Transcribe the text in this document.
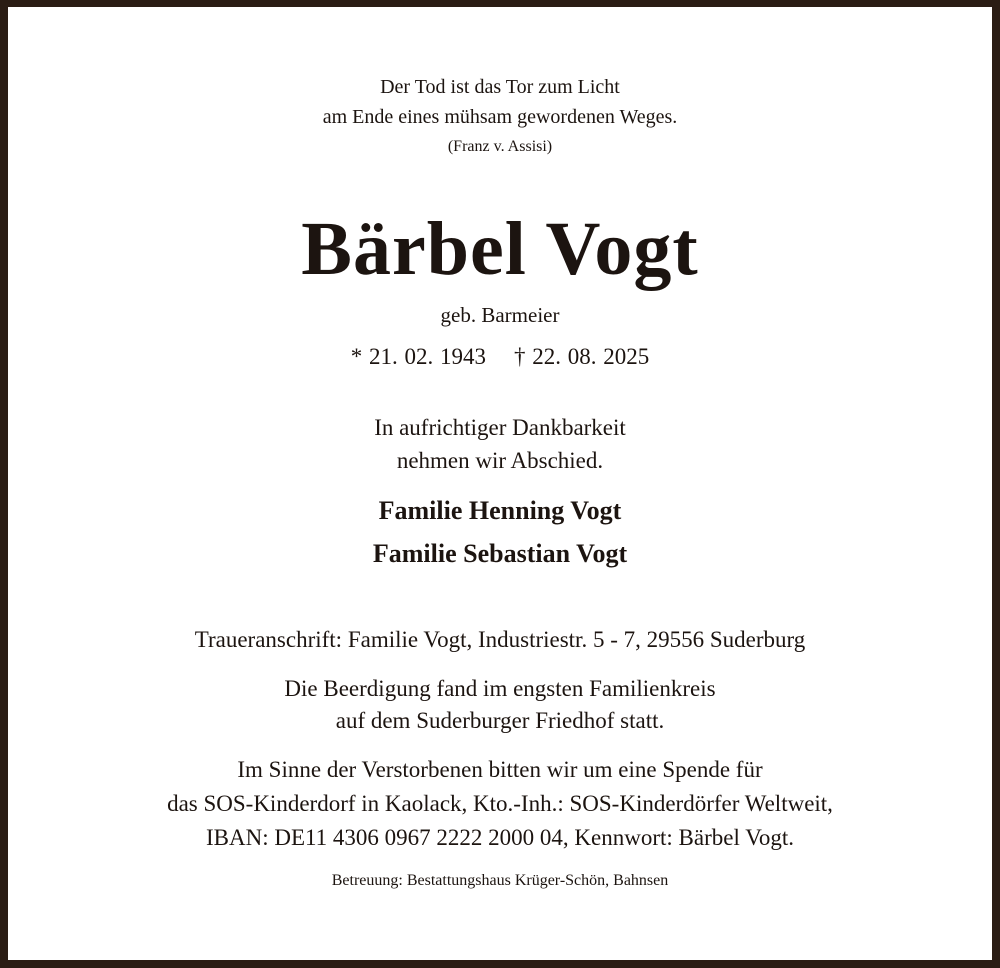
Der Tod ist das Tor zum Licht
am Ende eines mühsam gewordenen Weges.
(Franz v. Assisi)
Bärbel Vogt
geb. Barmeier
* 21. 02. 1943 † 22. 08. 2025
In aufrichtiger Dankbarkeit
nehmen wir Abschied.
Familie Henning Vogt
Familie Sebastian Vogt
Traueranschrift: Familie Vogt, Industriestr. 5 - 7, 29556 Suderburg
Die Beerdigung fand im engsten Familienkreis
auf dem Suderburger Friedhof statt.
Im Sinne der Verstorbenen bitten wir um eine Spende für
das SOS-Kinderdorf in Kaolack, Kto.-Inh.: SOS-Kinderdörfer Weltweit,
IBAN: DE11 4306 0967 2222 2000 04, Kennwort: Bärbel Vogt.
Betreuung: Bestattungshaus Krüger-Schön, Bahnsen
